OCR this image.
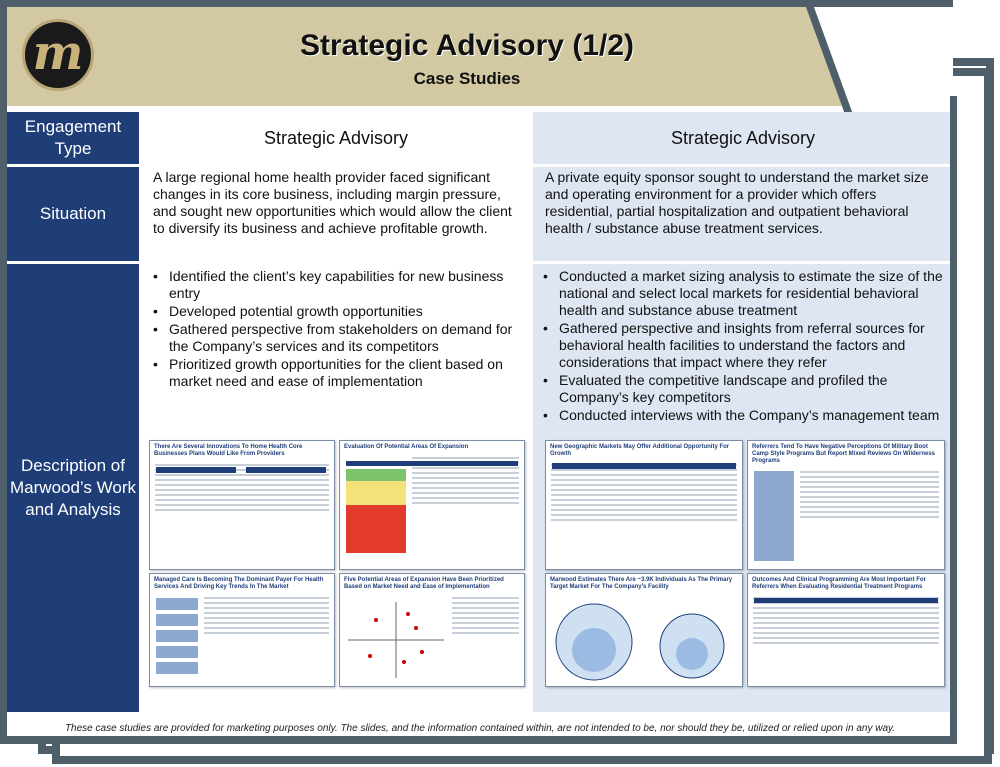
m	Strategic Advisory (1/2)
Case Studies
Engagement Type
Strategic Advisory	Strategic Advisory
Situation
A large regional home health provider faced significant changes in its core business, including margin pressure, and sought new opportunities which would allow the client to diversify its business and achieve profitable growth.
A private equity sponsor sought to understand the market size and operating environment for a provider which offers residential, partial hospitalization and outpatient behavioral health / substance abuse treatment services.
Description of Marwood’s Work and Analysis
• Identified the client’s key capabilities for new business entry
• Developed potential growth opportunities
• Gathered perspective from stakeholders on demand for the Company’s services and its competitors
• Prioritized growth opportunities for the client based on market need and ease of implementation
• Conducted a market sizing analysis to estimate the size of the national and select local markets for residential behavioral health and substance abuse treatment
• Gathered perspective and insights from referral sources for behavioral health facilities to understand the factors and considerations that impact where they refer
• Evaluated the competitive landscape and profiled the Company’s key competitors
• Conducted interviews with the Company’s management team
There Are Several Innovations To Home Health Core Businesses Plans Would Like From Providers
Evaluation Of Potential Areas Of Expansion
Managed Care Is Becoming The Dominant Payer For Health Services And Driving Key Trends In The Market
Five Potential Areas of Expansion Have Been Prioritized Based on Market Need and Ease of Implementation
New Geographic Markets May Offer Additional Opportunity For Growth
Referrers Tend To Have Negative Perceptions Of Military Boot Camp Style Programs But Report Mixed Reviews On Wilderness Programs
Marwood Estimates There Are ~3.9K Individuals As The Primary Target Market For The Company’s Facility
Outcomes And Clinical Programming Are Most Important For Referrers When Evaluating Residential Treatment Programs
These case studies are provided for marketing purposes only. The slides, and the information contained within, are not intended to be, nor should they be, utilized or relied upon in any way.
